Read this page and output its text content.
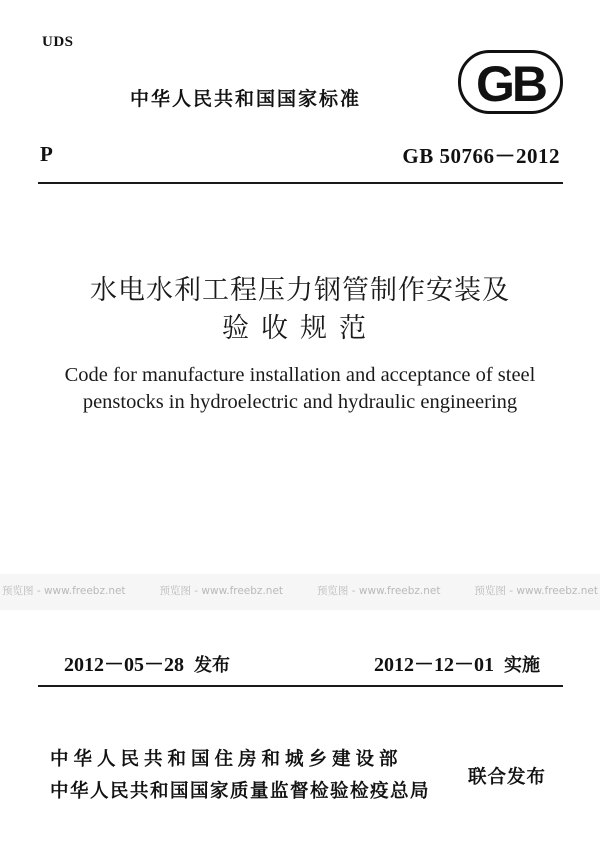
UDS
中华人民共和国国家标准 GB
P	GB 50766－2012
水电水利工程压力钢管制作安装及
验收规范
Code for manufacture installation and acceptance of steel
penstocks in hydroelectric and hydraulic engineering
预览图 - www.freebz.net	预览图 - www.freebz.net	预览图 - www.freebz.net	预览图 - www.freebz.net
2012－05－28 发布	2012－12－01 实施
中华人民共和国住房和城乡建设部
中华人民共和国国家质量监督检验检疫总局
联合发布
